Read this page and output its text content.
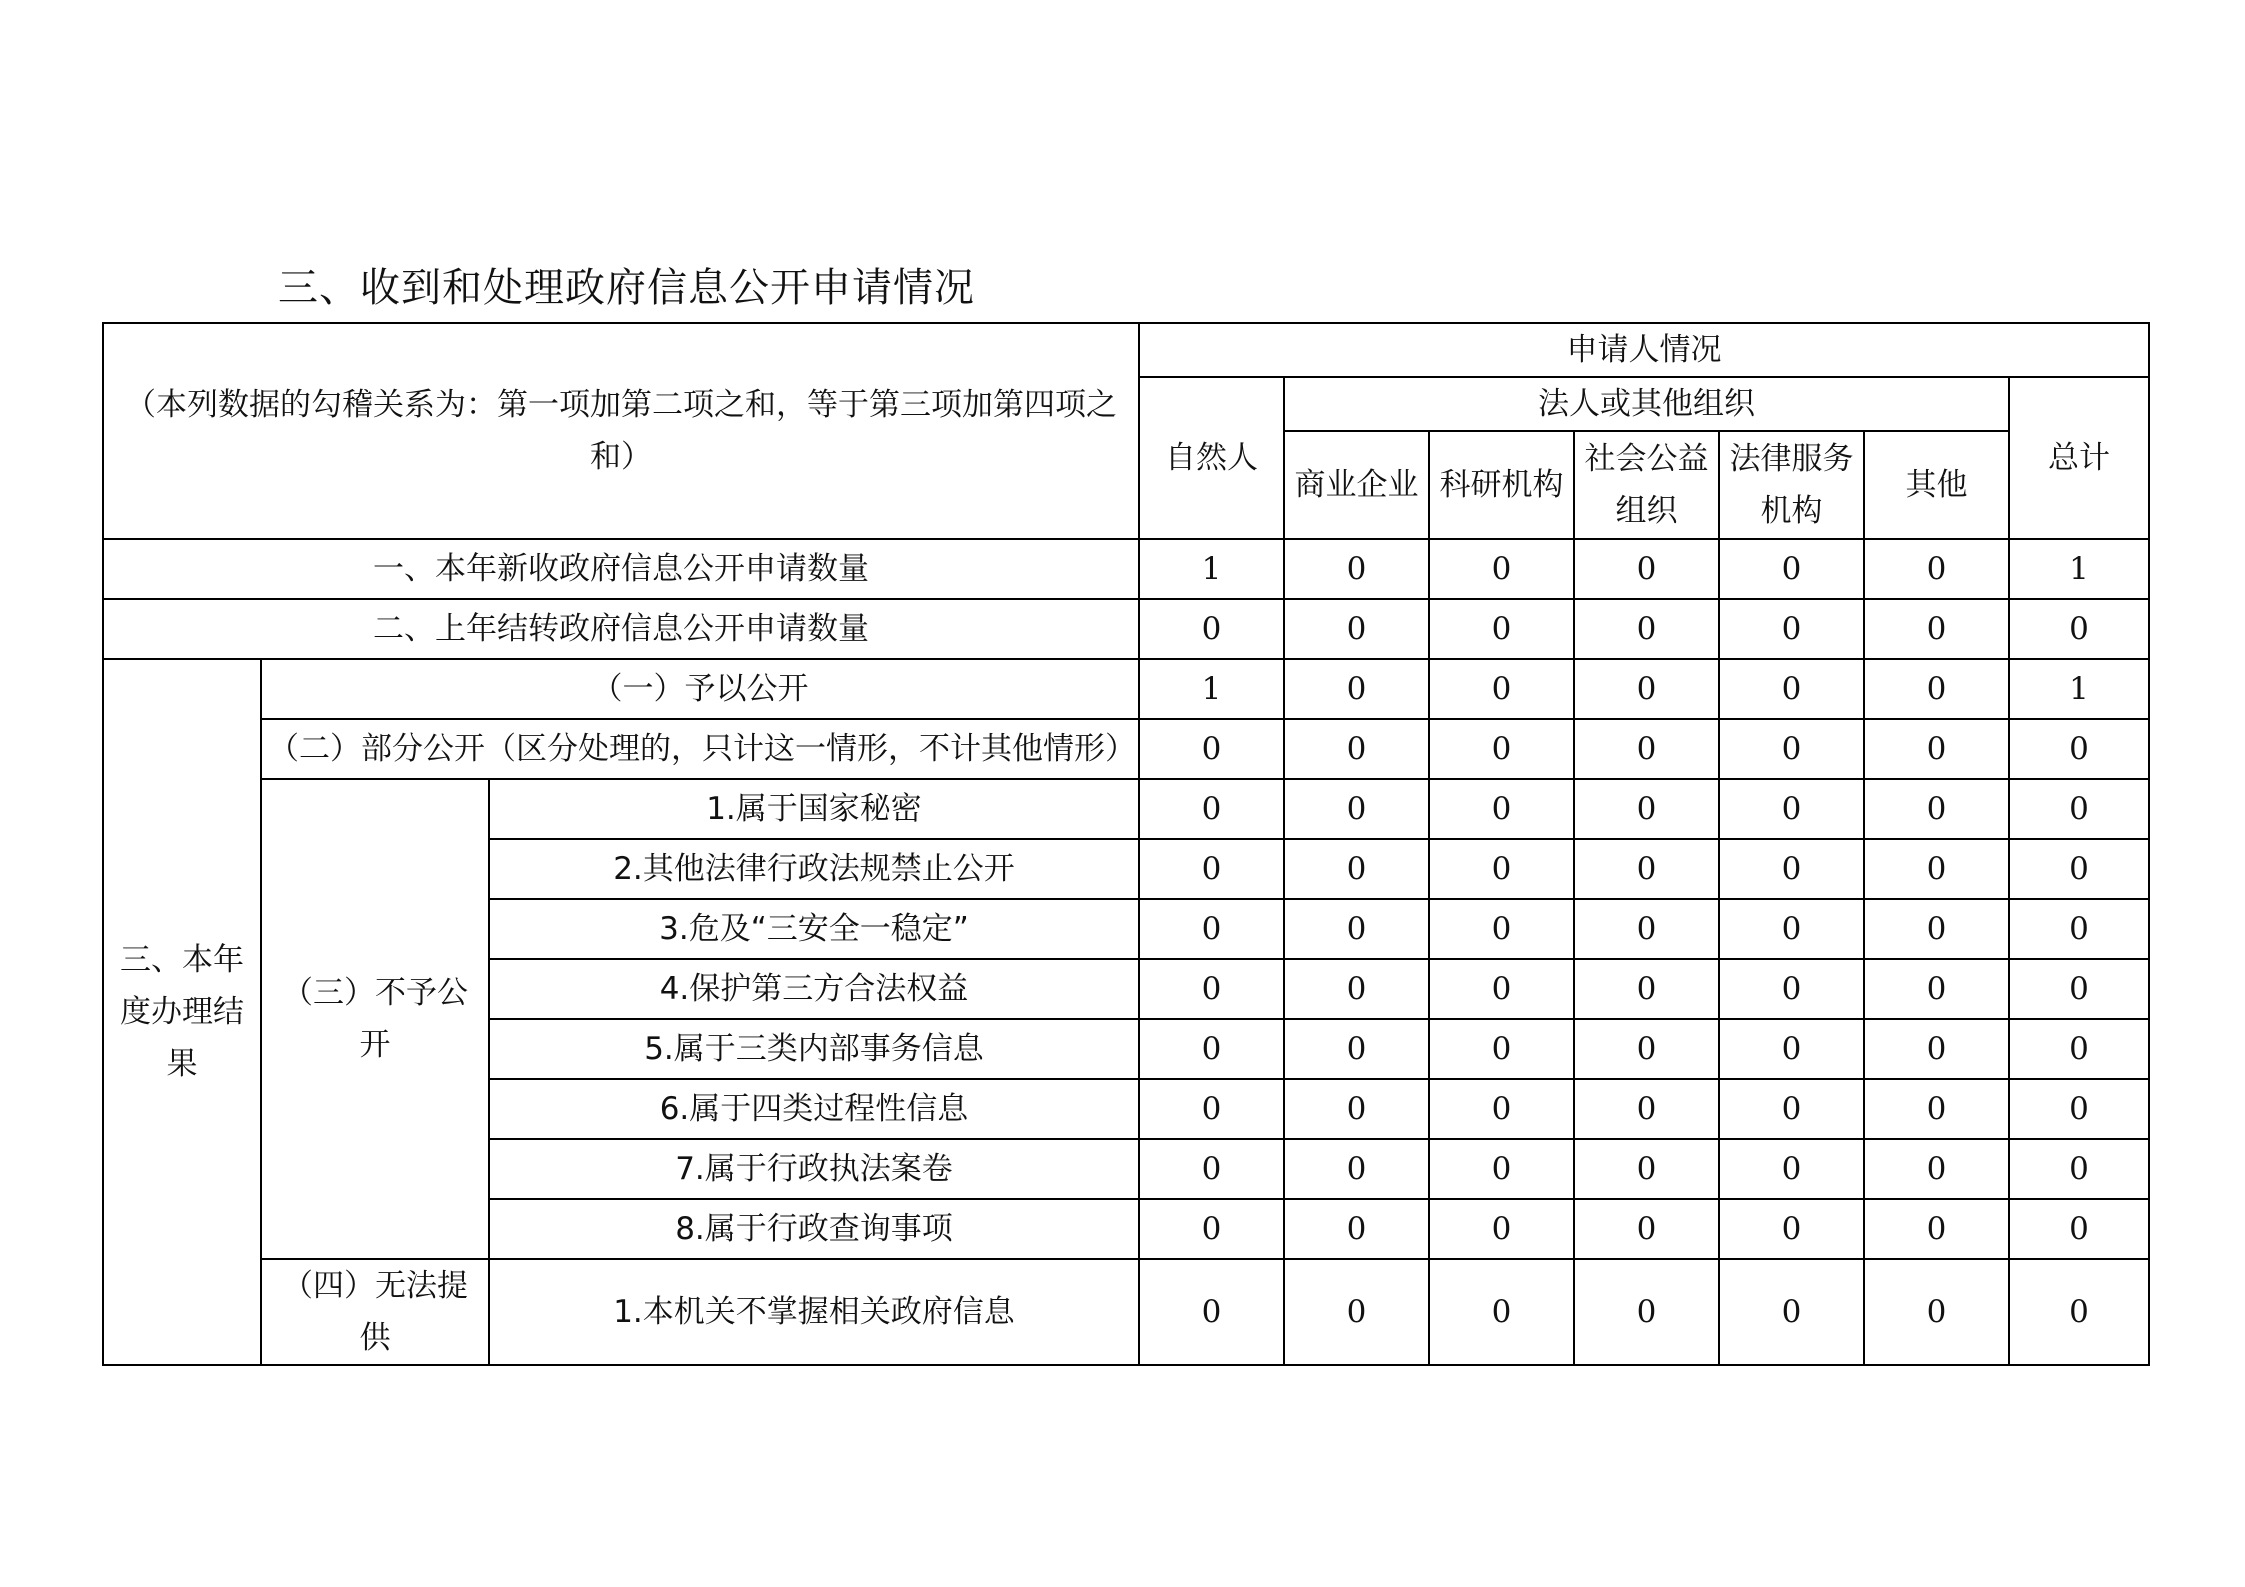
三、收到和处理政府信息公开申请情况
（本列数据的勾稽关系为：第一项加第二项之和，等于第三项加第四项之和）			申请人情况						
			自然人	法人或其他组织					总计
				商业企业	科研机构	社会公益组织	法律服务机构	其他	
一、本年新收政府信息公开申请数量			1	0	0	0	0	0	1
二、上年结转政府信息公开申请数量			0	0	0	0	0	0	0
三、本年度办理结果	（一）予以公开		1	0	0	0	0	0	1
	（二）部分公开（区分处理的，只计这一情形，不计其他情形）		0	0	0	0	0	0	0
	（三）不予公开	1.属于国家秘密	0	0	0	0	0	0	0
		2.其他法律行政法规禁止公开	0	0	0	0	0	0	0
		3.危及“三安全一稳定”	0	0	0	0	0	0	0
		4.保护第三方合法权益	0	0	0	0	0	0	0
		5.属于三类内部事务信息	0	0	0	0	0	0	0
		6.属于四类过程性信息	0	0	0	0	0	0	0
		7.属于行政执法案卷	0	0	0	0	0	0	0
		8.属于行政查询事项	0	0	0	0	0	0	0
	（四）无法提供	1.本机关不掌握相关政府信息	0	0	0	0	0	0	0
